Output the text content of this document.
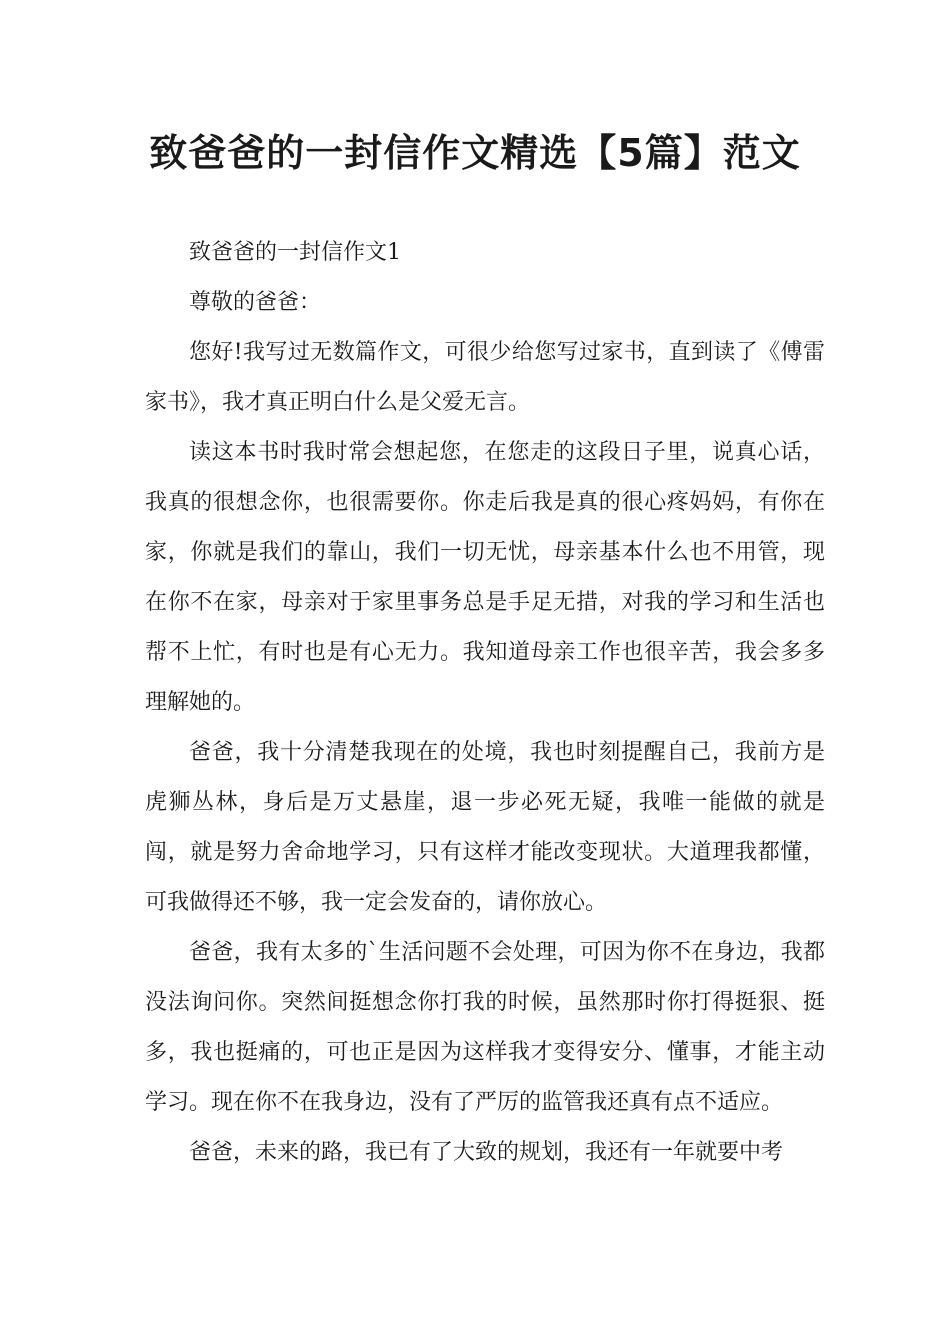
致爸爸的一封信作文精选【5篇】范文

致爸爸的一封信作文1

尊敬的爸爸：

您好!我写过无数篇作文，可很少给您写过家书，直到读了《傅雷家书》，我才真正明白什么是父爱无言。

读这本书时我时常会想起您，在您走的这段日子里，说真心话，我真的很想念你，也很需要你。你走后我是真的很心疼妈妈，有你在家，你就是我们的靠山，我们一切无忧，母亲基本什么也不用管，现在你不在家，母亲对于家里事务总是手足无措，对我的学习和生活也帮不上忙，有时也是有心无力。我知道母亲工作也很辛苦，我会多多理解她的。

爸爸，我十分清楚我现在的处境，我也时刻提醒自己，我前方是虎狮丛林，身后是万丈悬崖，退一步必死无疑，我唯一能做的就是闯，就是努力舍命地学习，只有这样才能改变现状。大道理我都懂，可我做得还不够，我一定会发奋的，请你放心。

爸爸，我有太多的`生活问题不会处理，可因为你不在身边，我都没法询问你。突然间挺想念你打我的时候，虽然那时你打得挺狠、挺多，我也挺痛的，可也正是因为这样我才变得安分、懂事，才能主动学习。现在你不在我身边，没有了严厉的监管我还真有点不适应。

爸爸，未来的路，我已有了大致的规划，我还有一年就要中考
